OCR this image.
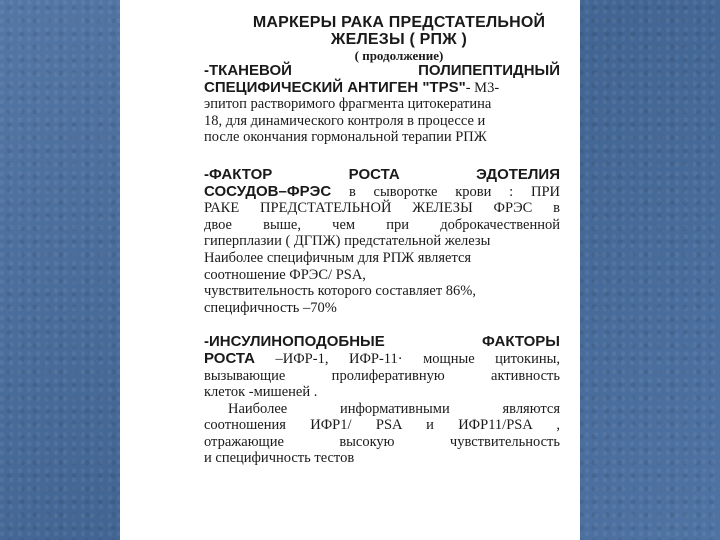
МАРКЕРЫ РАКА ПРЕДСТАТЕЛЬНОЙ ЖЕЛЕЗЫ ( РПЖ )

( продолжение)

-ТКАНЕВОЙ ПОЛИПЕПТИДНЫЙ
СПЕЦИФИЧЕСКИЙ АНТИГЕН "TPS"- М3-
эпитоп растворимого фрагмента цитокератина
18, для динамического контроля в процессе и
после окончания гормональной терапии РПЖ
-ФАКТОР РОСТА ЭДОТЕЛИЯ
СОСУДОВ–ФРЭС в сыворотке крови : ПРИ
РАКЕ ПРЕДСТАТЕЛЬНОЙ ЖЕЛЕЗЫ ФРЭС в
двое выше, чем при доброкачественной
гиперплазии ( ДГПЖ) предстательной железы
Наиболее специфичным для РПЖ является
соотношение ФРЭС/ PSA,
чувствительность которого составляет 86%,
специфичность –70%
-ИНСУЛИНОПОДОБНЫЕ ФАКТОРЫ
РОСТА –ИФР-1, ИФР-11· мощные цитокины,
вызывающие пролиферативную активность
клеток -мишеней .
Наиболее информативными являются
соотношения ИФР1/ PSA и ИФР11/PSA ,
отражающие высокую чувствительность
и специфичность тестов
